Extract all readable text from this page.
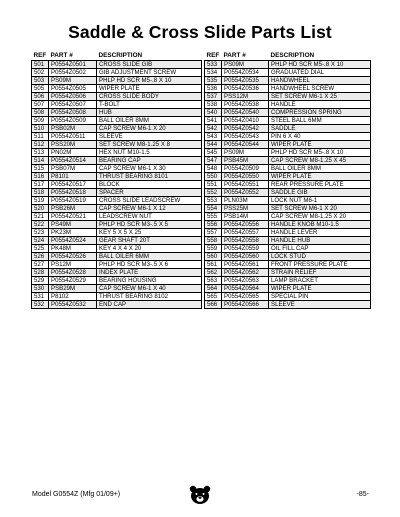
Saddle & Cross Slide Parts List
REF	PART #	DESCRIPTION
501	P0554Z0501	CROSS SLIDE GIB
502	P0554Z0502	GIB ADJUSTMENT SCREW
503	PS09M	PHLP HD SCR M5-.8 X 10
505	P0554Z0505	WIPER PLATE
506	P0554Z0506	CROSS SLIDE BODY
507	P0554Z0507	T-BOLT
508	P0554Z0508	HUB
509	P0554Z0509	BALL OILER 8MM
510	PSB02M	CAP SCREW M6-1 X 20
511	P0554Z0511	SLEEVE
512	PSS20M	SET SCREW M8-1.25 X 8
513	PN02M	HEX NUT M10-1.5
514	P0554Z0514	BEARING CAP
515	PSB07M	CAP SCREW M6-1 X 30
516	P8101	THRUST BEARING 8101
517	P0554Z0517	BLOCK
518	P0554Z0518	SPACER
519	P0554Z0519	CROSS SLIDE LEADSCREW
520	PSB26M	CAP SCREW M6-1 X 12
521	P0554Z0521	LEADSCREW NUT
522	PS49M	PHLP HD SCR M3-.5 X 5
523	PK23M	KEY 5 X 5 X 25
524	P0554Z0524	GEAR SHAFT 20T
525	PK48M	KEY 4 X 4 X 20
526	P0554Z0526	BALL OILER 6MM
527	PS12M	PHLP HD SCR M3-.5 X 6
528	P0554Z0528	INDEX PLATE
529	P0554Z0529	BEARING HOUSING
530	PSB29M	CAP SCREW M6-1 X 40
531	P8102	THRUST BEARING 8102
532	P0554Z0532	END CAP
REF	PART #	DESCRIPTION
533	PS09M	PHLP HD SCR M5-.8 X 10
534	P0554Z0534	GRADUATED DIAL
535	P0554Z0535	HANDWHEEL
536	P0554Z0536	HANDWHEEL SCREW
537	PSS12M	SET SCREW M6-1 X 25
538	P0554Z0538	HANDLE
540	P0554Z0540	COMPRESSION SPRING
541	P0554Z0410	STEEL BALL 6MM
542	P0554Z0542	SADDLE
543	P0554Z0543	PIN 6 X 40
544	P0554Z0544	WIPER PLATE
545	PS09M	PHLP HD SCR M5-.8 X 10
547	PSB45M	CAP SCREW M8-1.25 X 45
548	P0554Z0509	BALL OILER 8MM
550	P0554Z0550	WIPER PLATE
551	P0554Z0551	REAR PRESSURE PLATE
552	P0554Z0552	SADDLE GIB
553	PLN03M	LOCK NUT M6-1
554	PSS25M	SET SCREW M6-1 X 20
555	PSB14M	CAP SCREW M8-1.25 X 20
556	P0554Z0556	HANDLE KNOB M10-1.5
557	P0554Z0557	HANDLE LEVER
558	P0554Z0558	HANDLE HUB
559	P0554Z0559	OIL FILL CAP
560	P0554Z0560	LOCK STUD
561	P0554Z0561	FRONT PRESSURE PLATE
562	P0554Z0562	STRAIN RELIEF
563	P0554Z0563	LAMP BRACKET
564	P0554Z0564	WIPER PLATE
565	P0554Z0565	SPECIAL PIN
566	P0554Z0566	SLEEVE
Model G0554Z (Mfg 01/09+)	-85-
